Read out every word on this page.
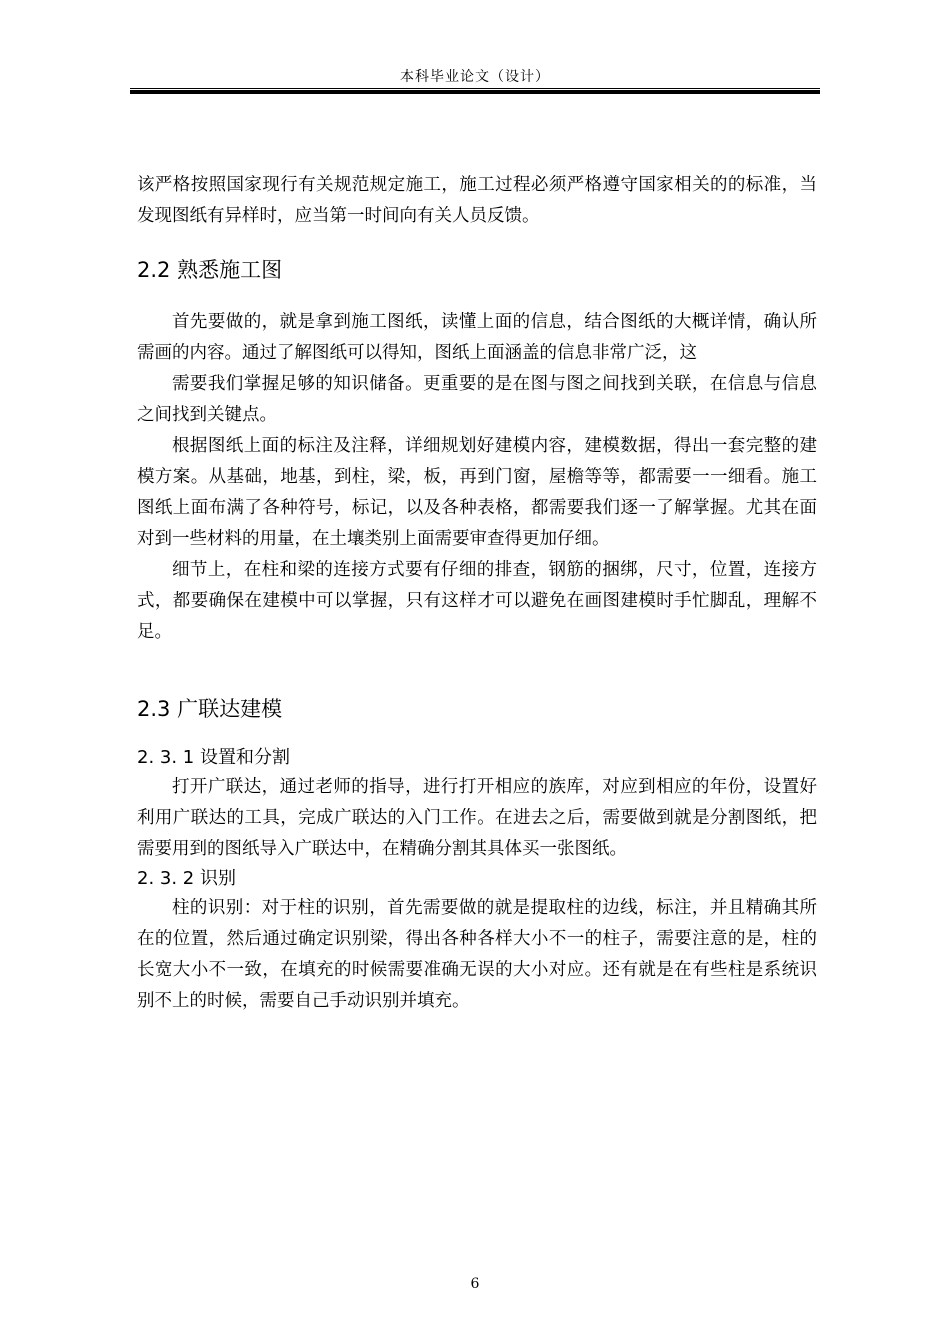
本科毕业论文（设计）

该严格按照国家现行有关规范规定施工，施工过程必须严格遵守国家相关的的标准，当发现图纸有异样时，应当第一时间向有关人员反馈。

2.2 熟悉施工图

首先要做的，就是拿到施工图纸，读懂上面的信息，结合图纸的大概详情，确认所需画的内容。通过了解图纸可以得知，图纸上面涵盖的信息非常广泛，这

需要我们掌握足够的知识储备。更重要的是在图与图之间找到关联，在信息与信息之间找到关键点。

根据图纸上面的标注及注释，详细规划好建模内容，建模数据，得出一套完整的建模方案。从基础，地基，到柱，梁，板，再到门窗，屋檐等等，都需要一一细看。施工图纸上面布满了各种符号，标记，以及各种表格，都需要我们逐一了解掌握。尤其在面对到一些材料的用量，在土壤类别上面需要审查得更加仔细。

细节上，在柱和梁的连接方式要有仔细的排查，钢筋的捆绑，尺寸，位置，连接方式，都要确保在建模中可以掌握，只有这样才可以避免在画图建模时手忙脚乱，理解不足。

2.3 广联达建模
2. 3. 1 设置和分割

打开广联达，通过老师的指导，进行打开相应的族库，对应到相应的年份，设置好利用广联达的工具，完成广联达的入门工作。在进去之后，需要做到就是分割图纸，把需要用到的图纸导入广联达中，在精确分割其具体买一张图纸。

2. 3. 2 识别

柱的识别：对于柱的识别，首先需要做的就是提取柱的边线，标注，并且精确其所在的位置，然后通过确定识别梁，得出各种各样大小不一的柱子，需要注意的是，柱的长宽大小不一致，在填充的时候需要准确无误的大小对应。还有就是在有些柱是系统识别不上的时候，需要自己手动识别并填充。

6
